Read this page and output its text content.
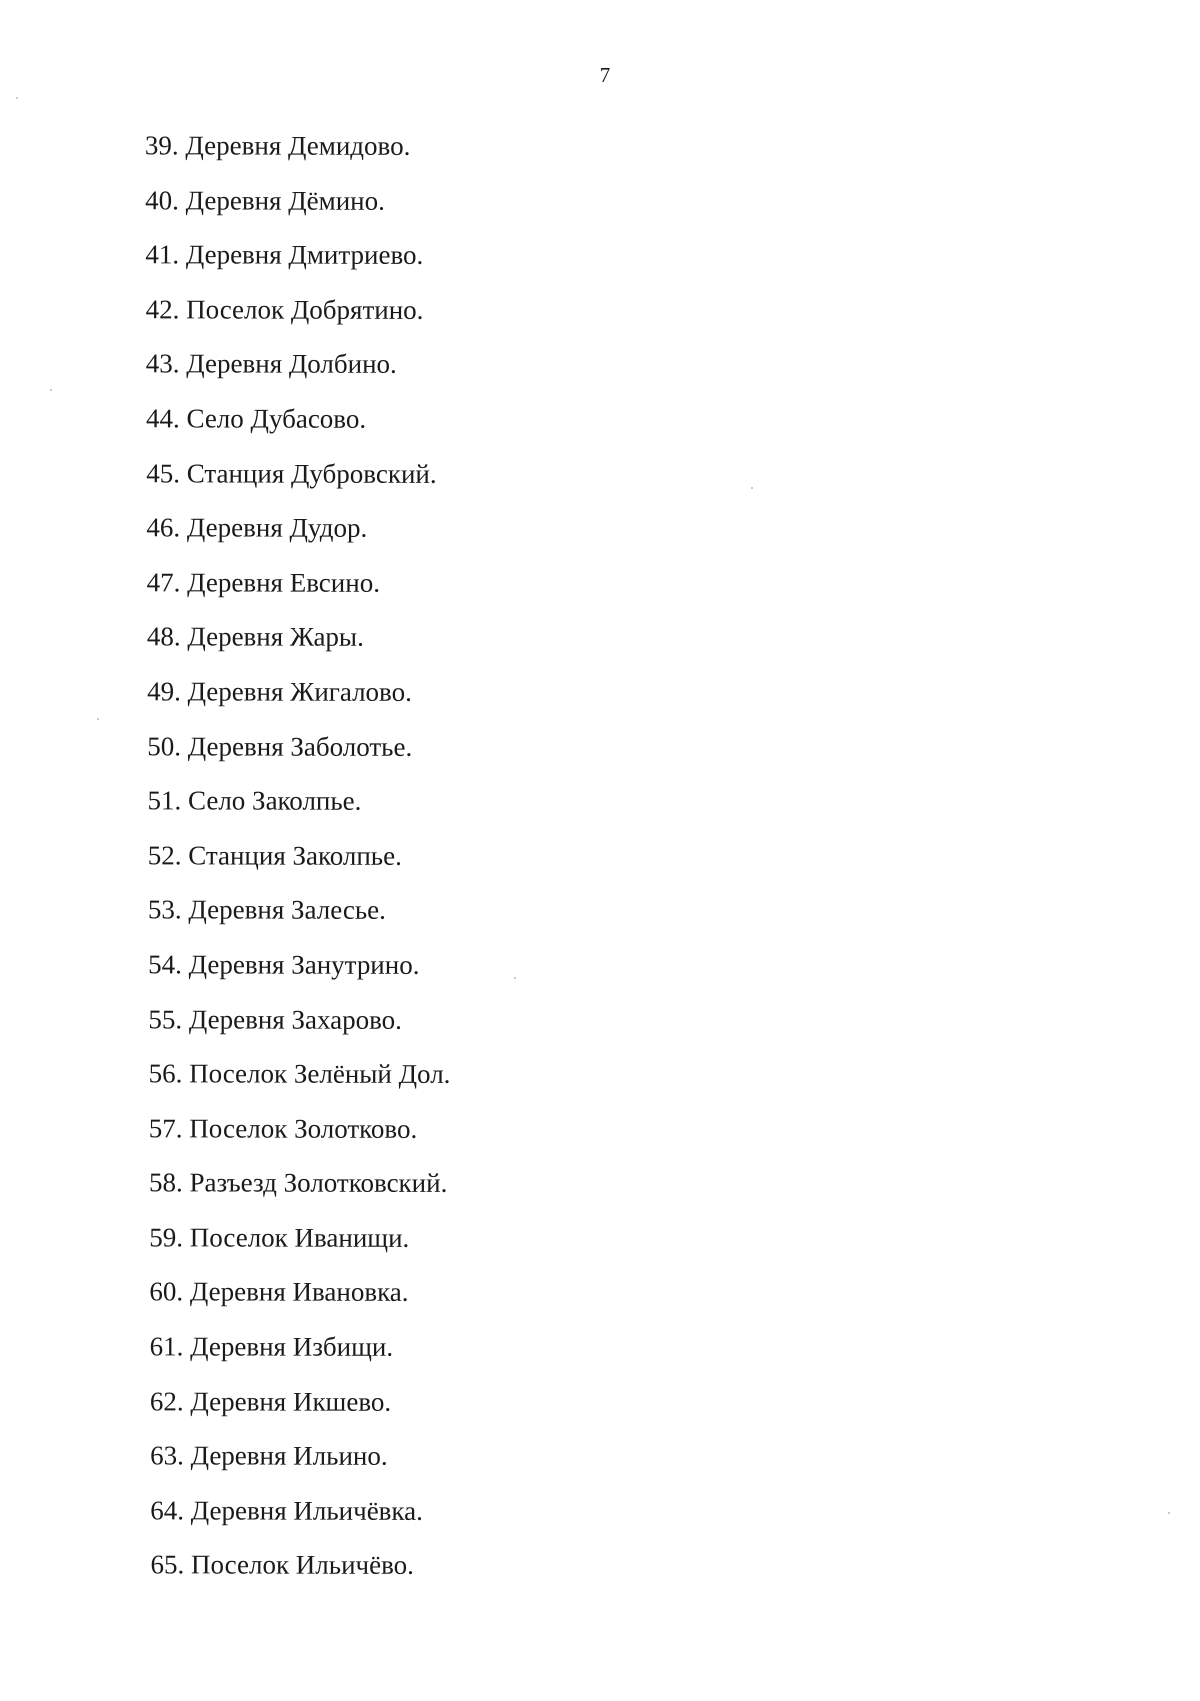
7
39. Деревня Демидово.
40. Деревня Дёмино.
41. Деревня Дмитриево.
42. Поселок Добрятино.
43. Деревня Долбино.
44. Село Дубасово.
45. Станция Дубровский.
46. Деревня Дудор.
47. Деревня Евсино.
48. Деревня Жары.
49. Деревня Жигалово.
50. Деревня Заболотье.
51. Село Заколпье.
52. Станция Заколпье.
53. Деревня Залесье.
54. Деревня Занутрино.
55. Деревня Захарово.
56. Поселок Зелёный Дол.
57. Поселок Золотково.
58. Разъезд Золотковский.
59. Поселок Иванищи.
60. Деревня Ивановка.
61. Деревня Избищи.
62. Деревня Икшево.
63. Деревня Ильино.
64. Деревня Ильичёвка.
65. Поселок Ильичёво.
